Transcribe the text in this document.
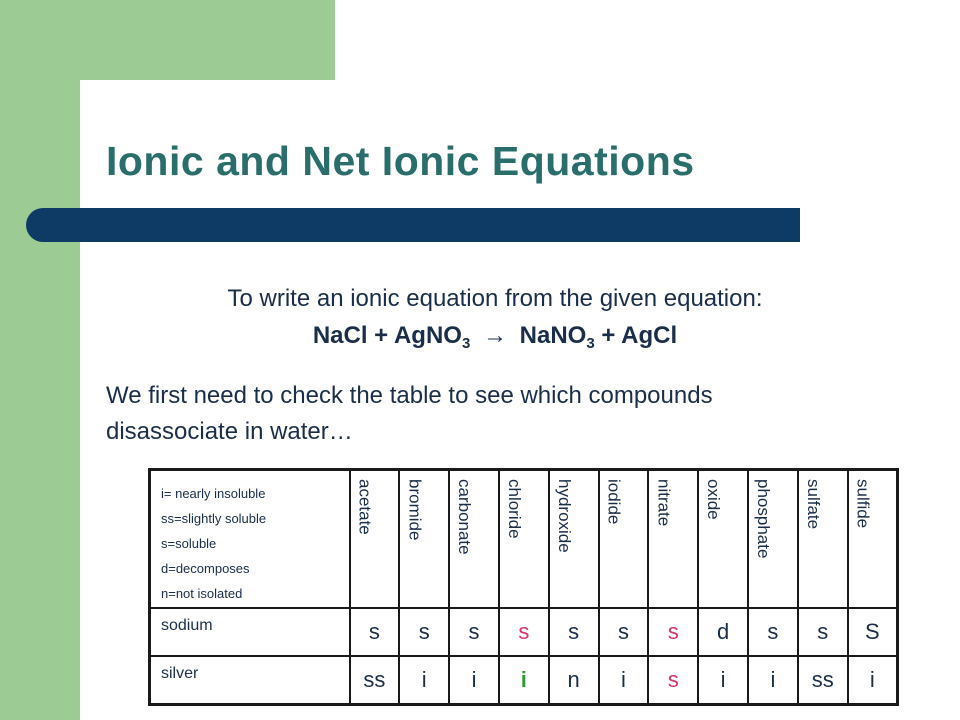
Ionic and Net Ionic Equations
To write an ionic equation from the given equation:
NaCl + AgNO$_3$ → NaNO$_3$ + AgCl
We first need to check the table to see which compounds disassociate in water…
i= nearly insoluble
ss=slightly soluble
s=soluble
d=decomposes
n=not isolated	acetate	bromide	carbonate	chloride	hydroxide	iodide	nitrate	oxide	phosphate	sulfate	sulfide
sodium	s	s	s	s	s	s	s	d	s	s	S
silver	ss	i	i	i	n	i	s	i	i	ss	i
